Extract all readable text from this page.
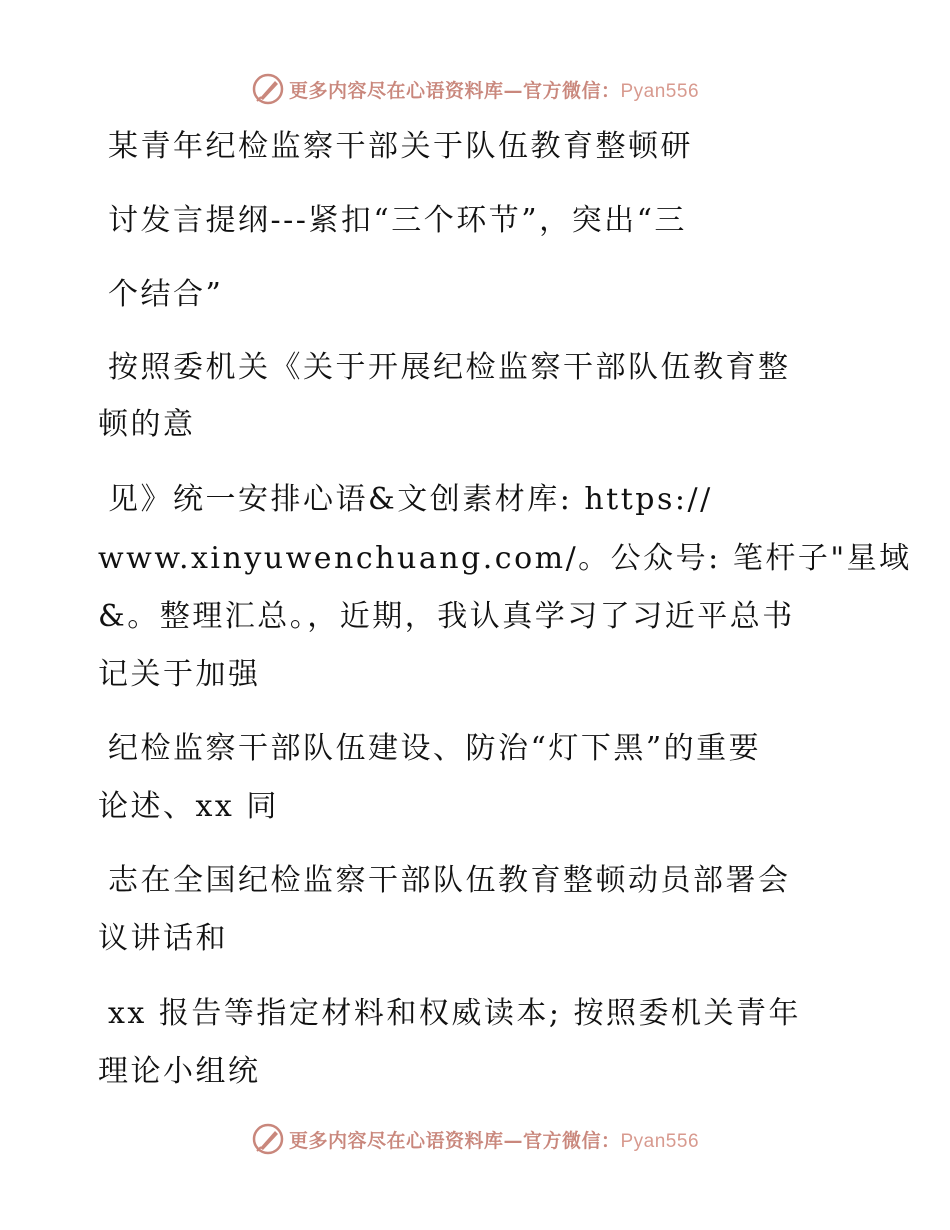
更多内容尽在心语资料库—官方微信：Pyan556
某青年纪检监察干部关于队伍教育整顿研
讨发言提纲---紧扣“三个环节”，突出“三
个结合”
按照委机关《关于开展纪检监察干部队伍教育整
顿的意
见》统一安排心语&文创素材库: https://
www.xinyuwenchuang.com/。公众号: 笔杆子"星域
&。整理汇总。，近期，我认真学习了习近平总书
记关于加强
纪检监察干部队伍建设、防治“灯下黑”的重要
论述、xx 同
志在全国纪检监察干部队伍教育整顿动员部署会
议讲话和
xx 报告等指定材料和权威读本; 按照委机关青年
理论小组统
更多内容尽在心语资料库—官方微信：Pyan556
